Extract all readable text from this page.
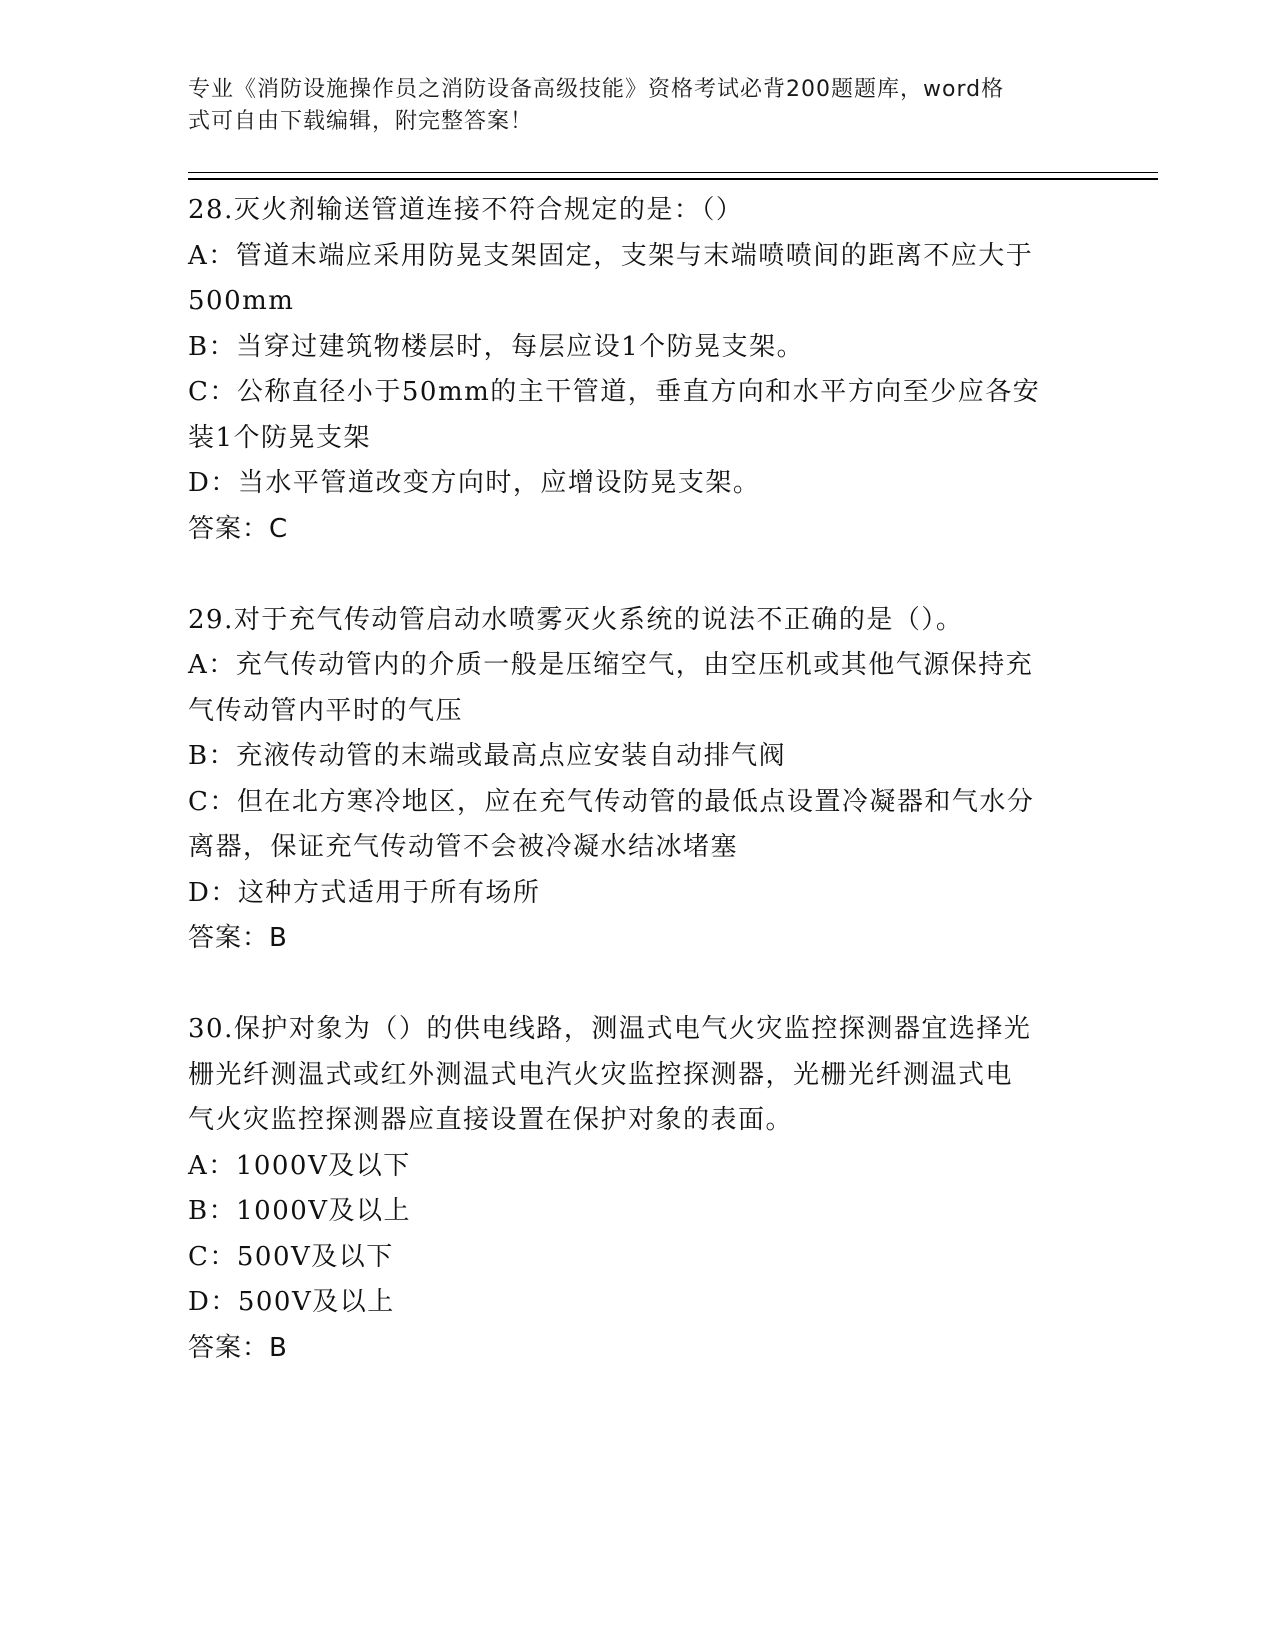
专业《消防设施操作员之消防设备高级技能》资格考试必背200题题库，word格
式可自由下载编辑，附完整答案！
28.灭火剂输送管道连接不符合规定的是：（）
A：管道末端应采用防晃支架固定，支架与末端喷喷间的距离不应大于
500mm
B：当穿过建筑物楼层时，每层应设1个防晃支架。
C：公称直径小于50mm的主干管道，垂直方向和水平方向至少应各安
装1个防晃支架
D：当水平管道改变方向时，应增设防晃支架。
答案：C
29.对于充气传动管启动水喷雾灭火系统的说法不正确的是（）。
A：充气传动管内的介质一般是压缩空气，由空压机或其他气源保持充
气传动管内平时的气压
B：充液传动管的末端或最高点应安装自动排气阀
C：但在北方寒冷地区，应在充气传动管的最低点设置冷凝器和气水分
离器，保证充气传动管不会被冷凝水结冰堵塞
D：这种方式适用于所有场所
答案：B
30.保护对象为（）的供电线路，测温式电气火灾监控探测器宜选择光
栅光纤测温式或红外测温式电汽火灾监控探测器，光栅光纤测温式电
气火灾监控探测器应直接设置在保护对象的表面。
A：1000V及以下
B：1000V及以上
C：500V及以下
D：500V及以上
答案：B
